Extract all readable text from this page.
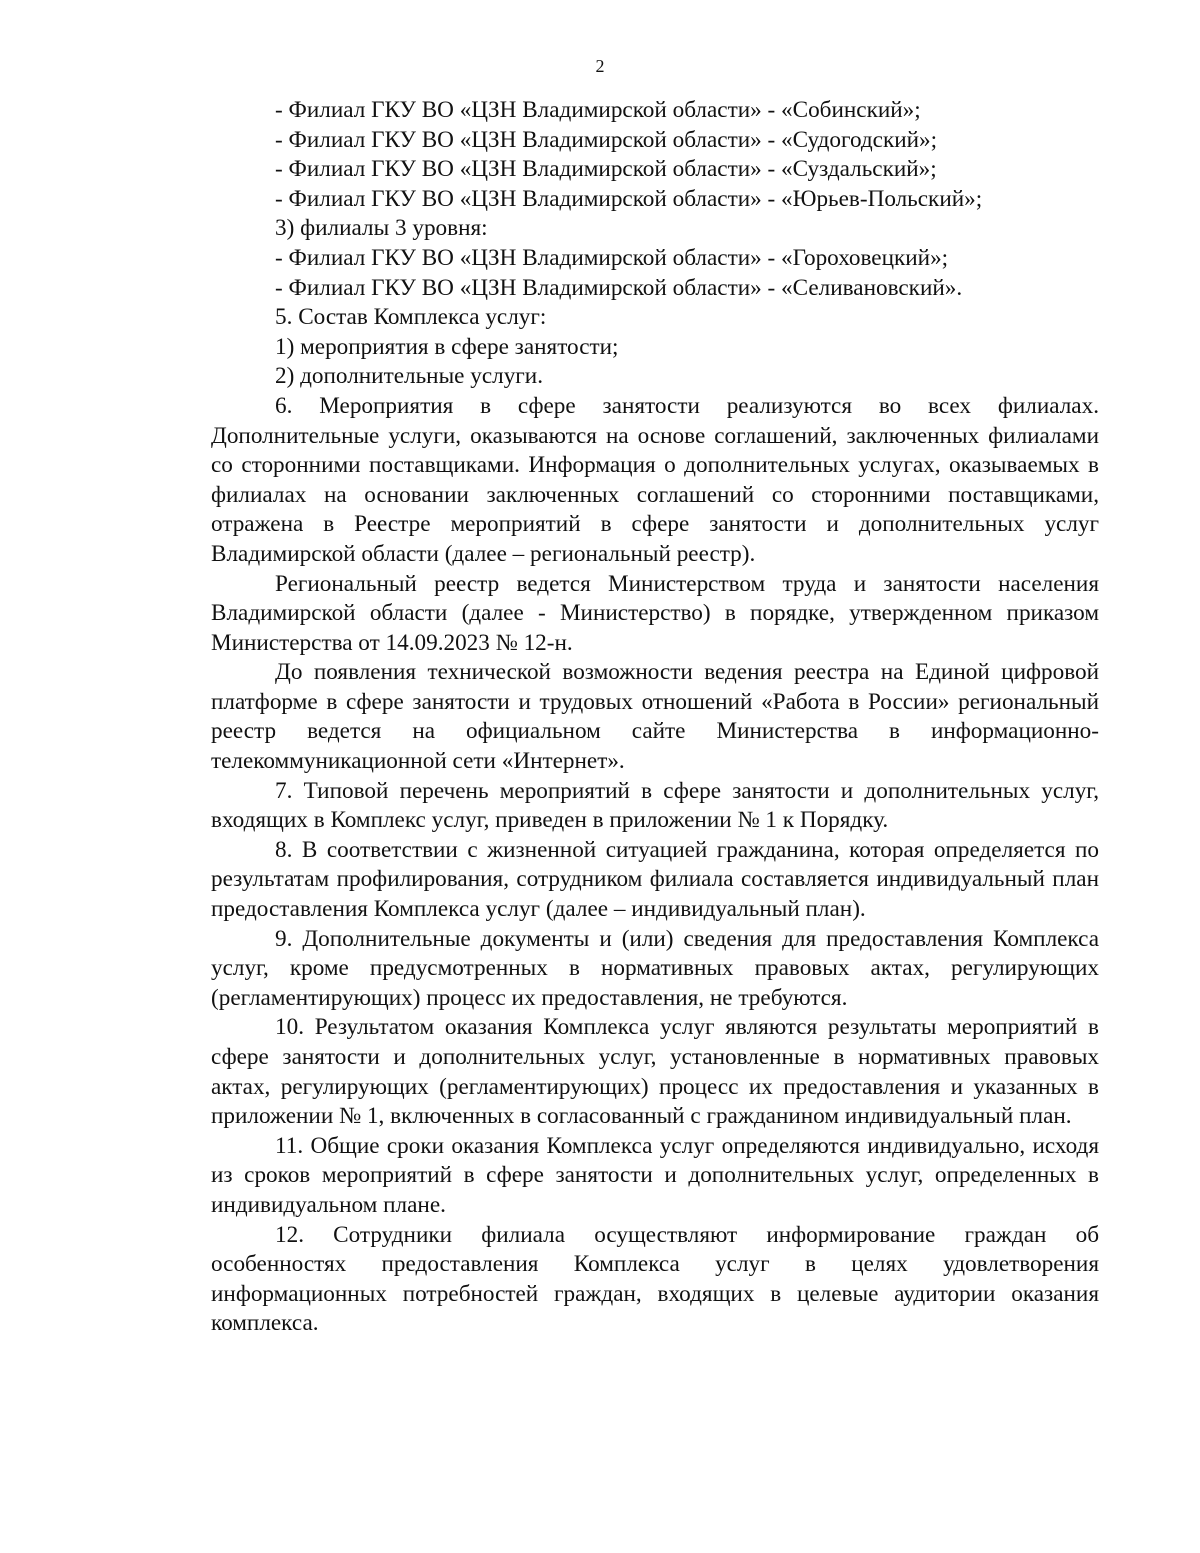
2

- Филиал ГКУ ВО «ЦЗН Владимирской области» - «Собинский»;

- Филиал ГКУ ВО «ЦЗН Владимирской области» - «Судогодский»;

- Филиал ГКУ ВО «ЦЗН Владимирской области» - «Суздальский»;

- Филиал ГКУ ВО «ЦЗН Владимирской области» - «Юрьев-Польский»;

3) филиалы 3 уровня:

- Филиал ГКУ ВО «ЦЗН Владимирской области» - «Гороховецкий»;

- Филиал ГКУ ВО «ЦЗН Владимирской области» - «Селивановский».

5. Состав Комплекса услуг:

1) мероприятия в сфере занятости;

2) дополнительные услуги.

6. Мероприятия в сфере занятости реализуются во всех филиалах. Дополнительные услуги, оказываются на основе соглашений, заключенных филиалами со сторонними поставщиками. Информация о дополнительных услугах, оказываемых в филиалах на основании заключенных соглашений со сторонними поставщиками, отражена в Реестре мероприятий в сфере занятости и дополнительных услуг Владимирской области (далее – региональный реестр).

Региональный реестр ведется Министерством труда и занятости населения Владимирской области (далее - Министерство) в порядке, утвержденном приказом Министерства от 14.09.2023 № 12-н.

До появления технической возможности ведения реестра на Единой цифровой платформе в сфере занятости и трудовых отношений «Работа в России» региональный реестр ведется на официальном сайте Министерства в информационно-телекоммуникационной сети «Интернет».

7. Типовой перечень мероприятий в сфере занятости и дополнительных услуг, входящих в Комплекс услуг, приведен в приложении № 1 к Порядку.

8. В соответствии с жизненной ситуацией гражданина, которая определяется по результатам профилирования, сотрудником филиала составляется индивидуальный план предоставления Комплекса услуг (далее – индивидуальный план).

9. Дополнительные документы и (или) сведения для предоставления Комплекса услуг, кроме предусмотренных в нормативных правовых актах, регулирующих (регламентирующих) процесс их предоставления, не требуются.

10. Результатом оказания Комплекса услуг являются результаты мероприятий в сфере занятости и дополнительных услуг, установленные в нормативных правовых актах, регулирующих (регламентирующих) процесс их предоставления и указанных в приложении № 1, включенных в согласованный с гражданином индивидуальный план.

11. Общие сроки оказания Комплекса услуг определяются индивидуально, исходя из сроков мероприятий в сфере занятости и дополнительных услуг, определенных в индивидуальном плане.

12. Сотрудники филиала осуществляют информирование граждан об особенностях предоставления Комплекса услуг в целях удовлетворения информационных потребностей граждан, входящих в целевые аудитории оказания комплекса.
